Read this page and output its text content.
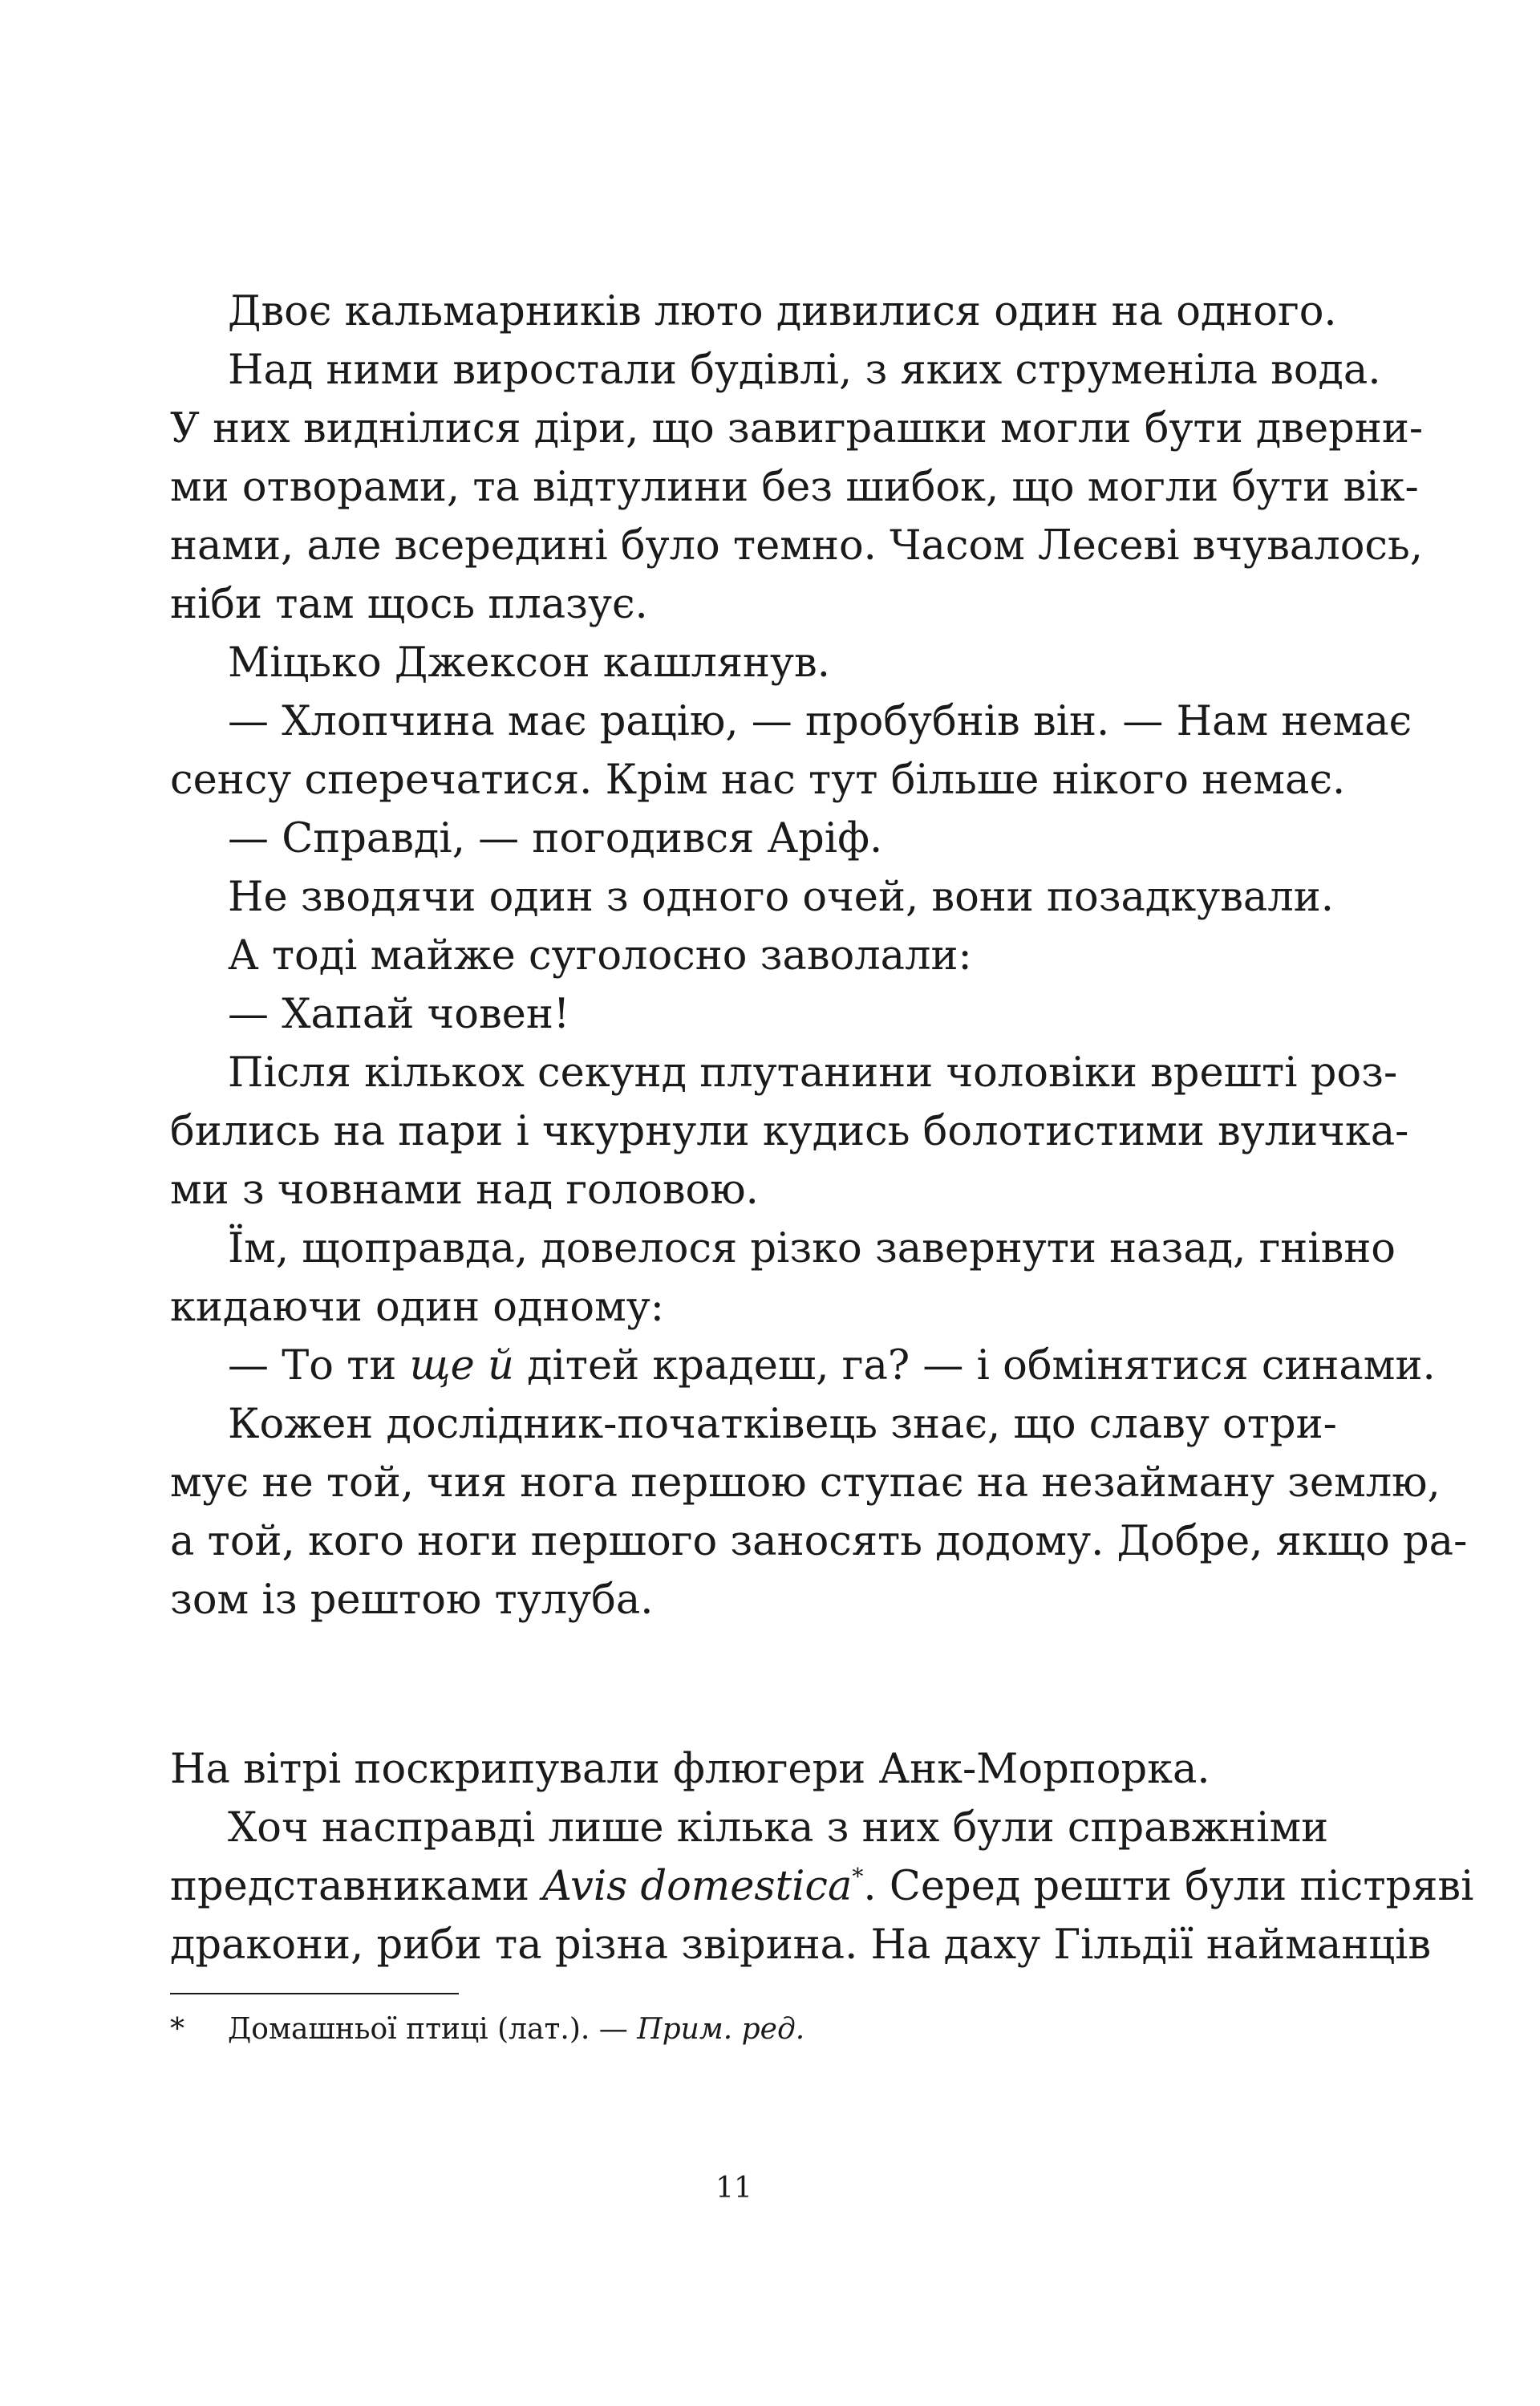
Двоє кальмарників люто дивилися один на одного.
Над ними виростали будівлі, з яких струменіла вода.
У них виднілися діри, що завиграшки могли бути дверни-
ми отворами, та відтулини без шибок, що могли бути вік-
нами, але всередині було темно. Часом Лесеві вчувалось,
ніби там щось плазує.
Міцько Джексон кашлянув.
— Хлопчина має рацію, — пробубнів він. — Нам немає
сенсу сперечатися. Крім нас тут більше нікого немає.
— Справді, — погодився Аріф.
Не зводячи один з одного очей, вони позадкували.
А тоді майже суголосно заволали:
— Хапай човен!
Після кількох секунд плутанини чоловіки врешті роз-
бились на пари і чкурнули кудись болотистими вуличка-
ми з човнами над головою.
Їм, щоправда, довелося різко завернути назад, гнівно
кидаючи один одному:
— То ти ще й дітей крадеш, га? — і обмінятися синами.
Кожен дослідник-початківець знає, що славу отри-
мує не той, чия нога першою ступає на незайману землю,
а той, кого ноги першого заносять додому. Добре, якщо ра-
зом із рештою тулуба.
На вітрі поскрипували флюгери Анк-Морпорка.
Хоч насправді лише кілька з них були справжніми
представниками Avis domestica*. Серед решти були пістряві
дракони, риби та різна звірина. На даху Гільдії найманців
* Домашньої птиці (лат.). — Прим. ред.
11
